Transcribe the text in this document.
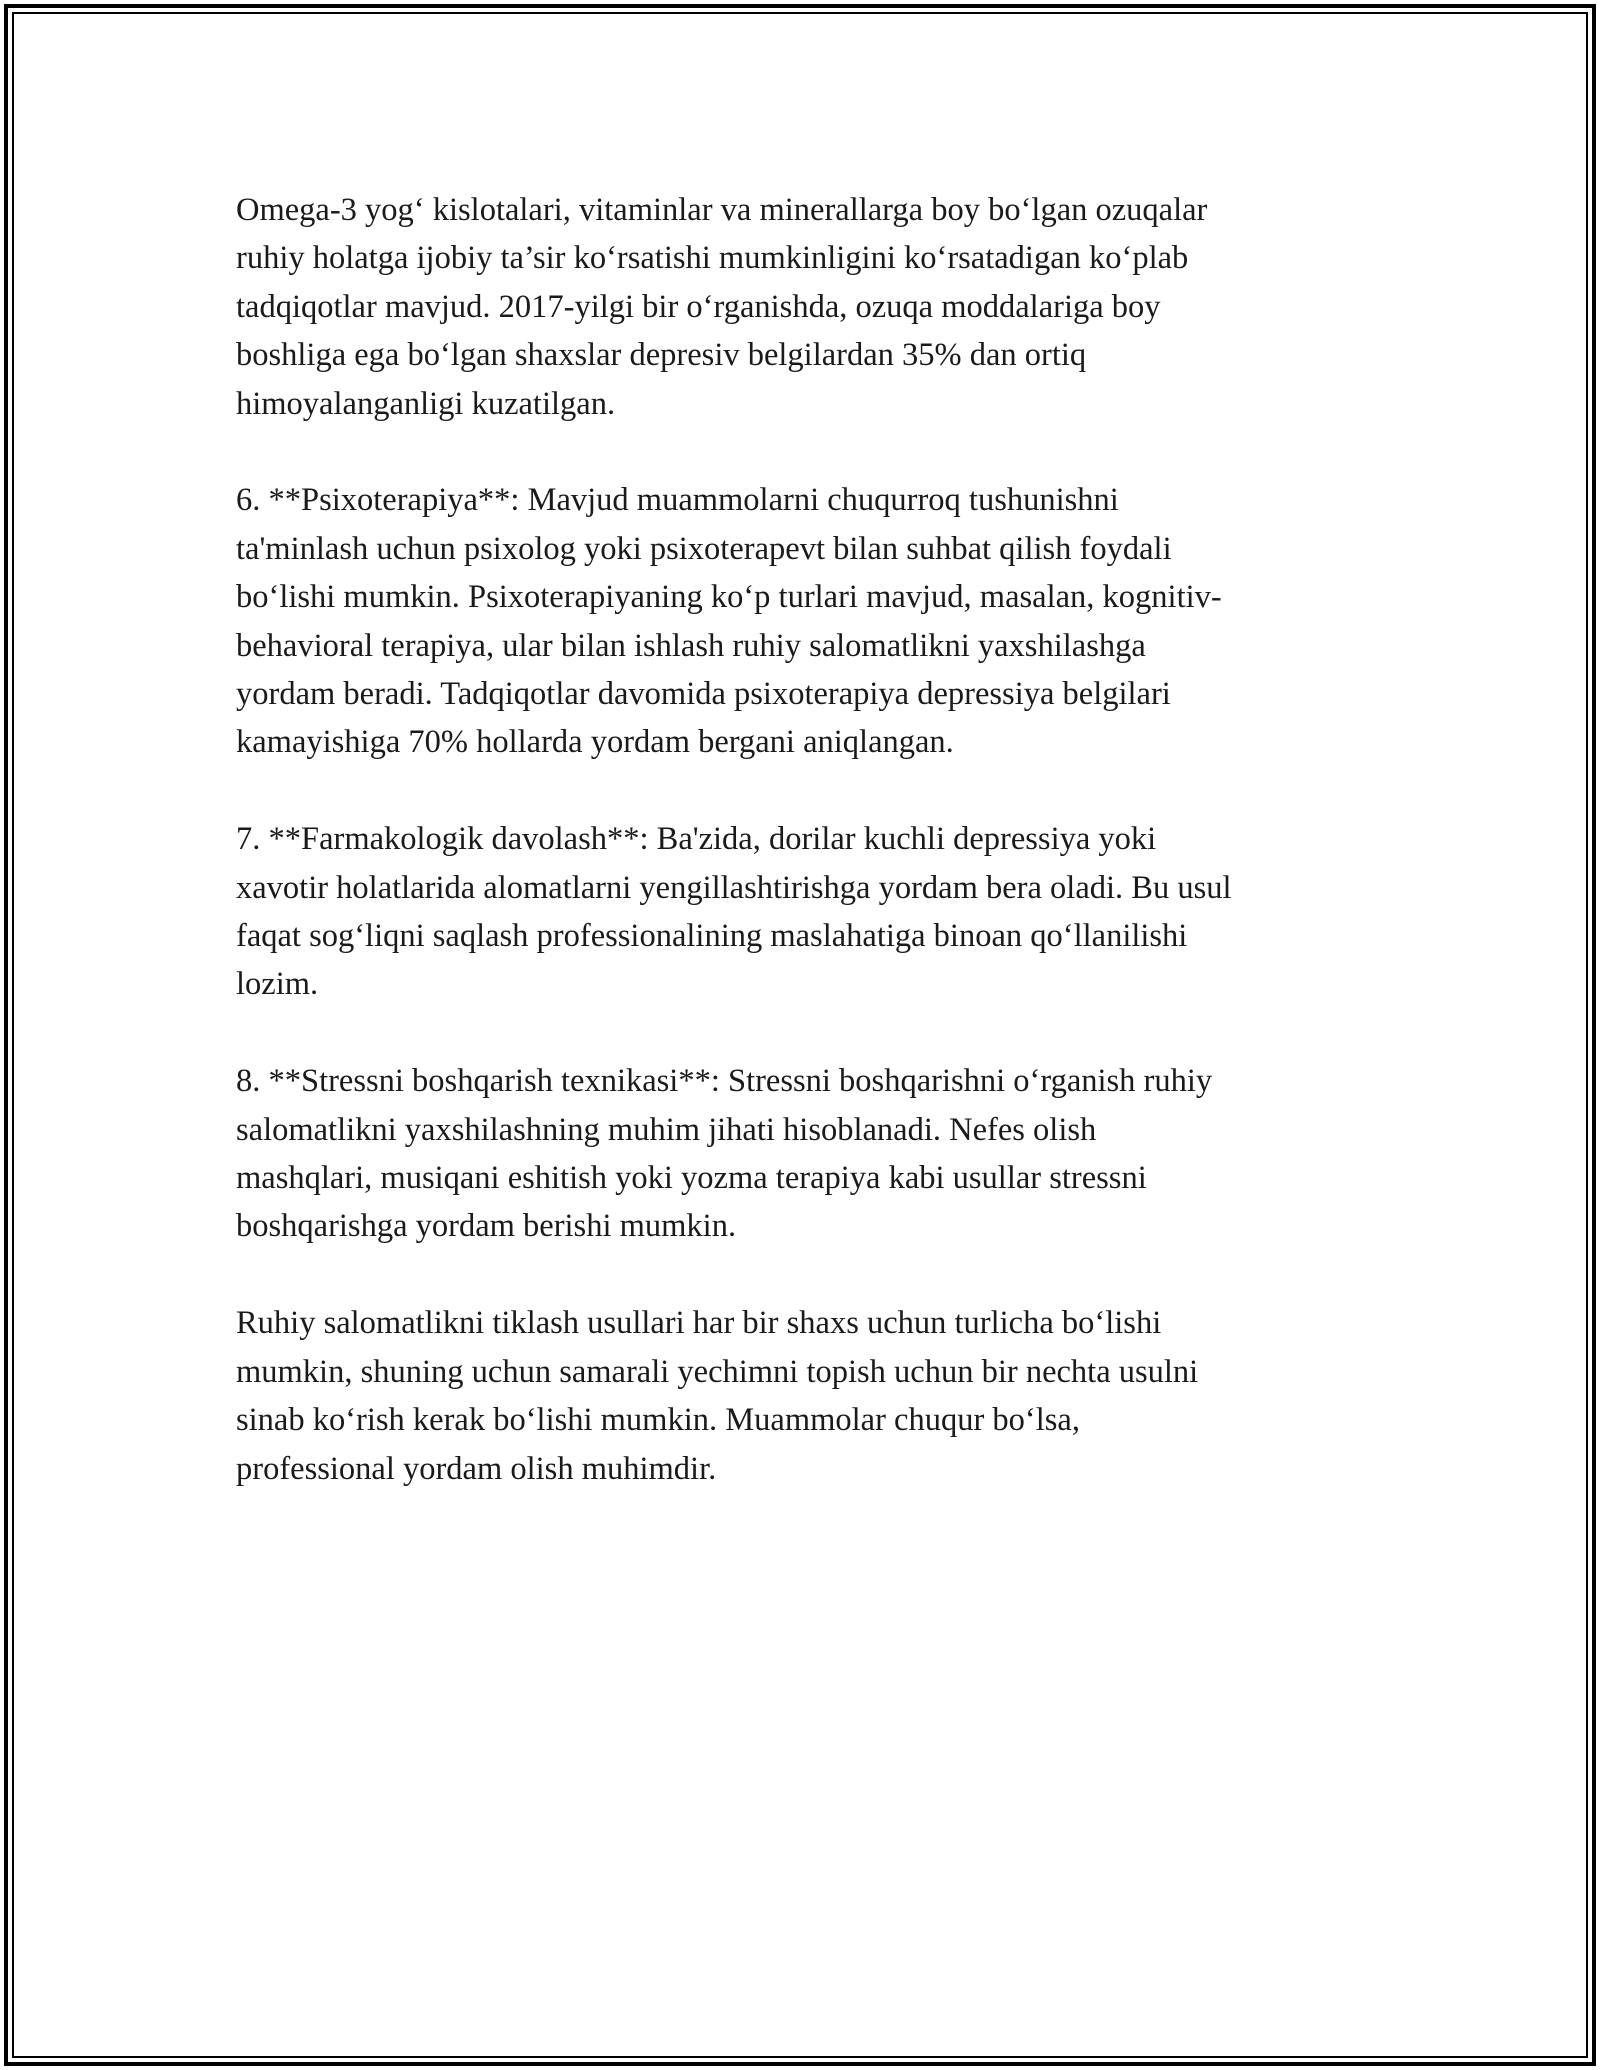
Omega-3 yog‘ kislotalari, vitaminlar va minerallarga boy bo‘lgan ozuqalar
ruhiy holatga ijobiy ta’sir ko‘rsatishi mumkinligini ko‘rsatadigan ko‘plab
tadqiqotlar mavjud. 2017-yilgi bir o‘rganishda, ozuqa moddalariga boy
boshliga ega bo‘lgan shaxslar depresiv belgilardan 35% dan ortiq
himoyalanganligi kuzatilgan.

6. **Psixoterapiya**: Mavjud muammolarni chuqurroq tushunishni
ta'minlash uchun psixolog yoki psixoterapevt bilan suhbat qilish foydali
bo‘lishi mumkin. Psixoterapiyaning ko‘p turlari mavjud, masalan, kognitiv-
behavioral terapiya, ular bilan ishlash ruhiy salomatlikni yaxshilashga
yordam beradi. Tadqiqotlar davomida psixoterapiya depressiya belgilari
kamayishiga 70% hollarda yordam bergani aniqlangan.

7. **Farmakologik davolash**: Ba'zida, dorilar kuchli depressiya yoki
xavotir holatlarida alomatlarni yengillashtirishga yordam bera oladi. Bu usul
faqat sog‘liqni saqlash professionalining maslahatiga binoan qo‘llanilishi
lozim.

8. **Stressni boshqarish texnikasi**: Stressni boshqarishni o‘rganish ruhiy
salomatlikni yaxshilashning muhim jihati hisoblanadi. Nefes olish
mashqlari, musiqani eshitish yoki yozma terapiya kabi usullar stressni
boshqarishga yordam berishi mumkin.

Ruhiy salomatlikni tiklash usullari har bir shaxs uchun turlicha bo‘lishi
mumkin, shuning uchun samarali yechimni topish uchun bir nechta usulni
sinab ko‘rish kerak bo‘lishi mumkin. Muammolar chuqur bo‘lsa,
professional yordam olish muhimdir.
